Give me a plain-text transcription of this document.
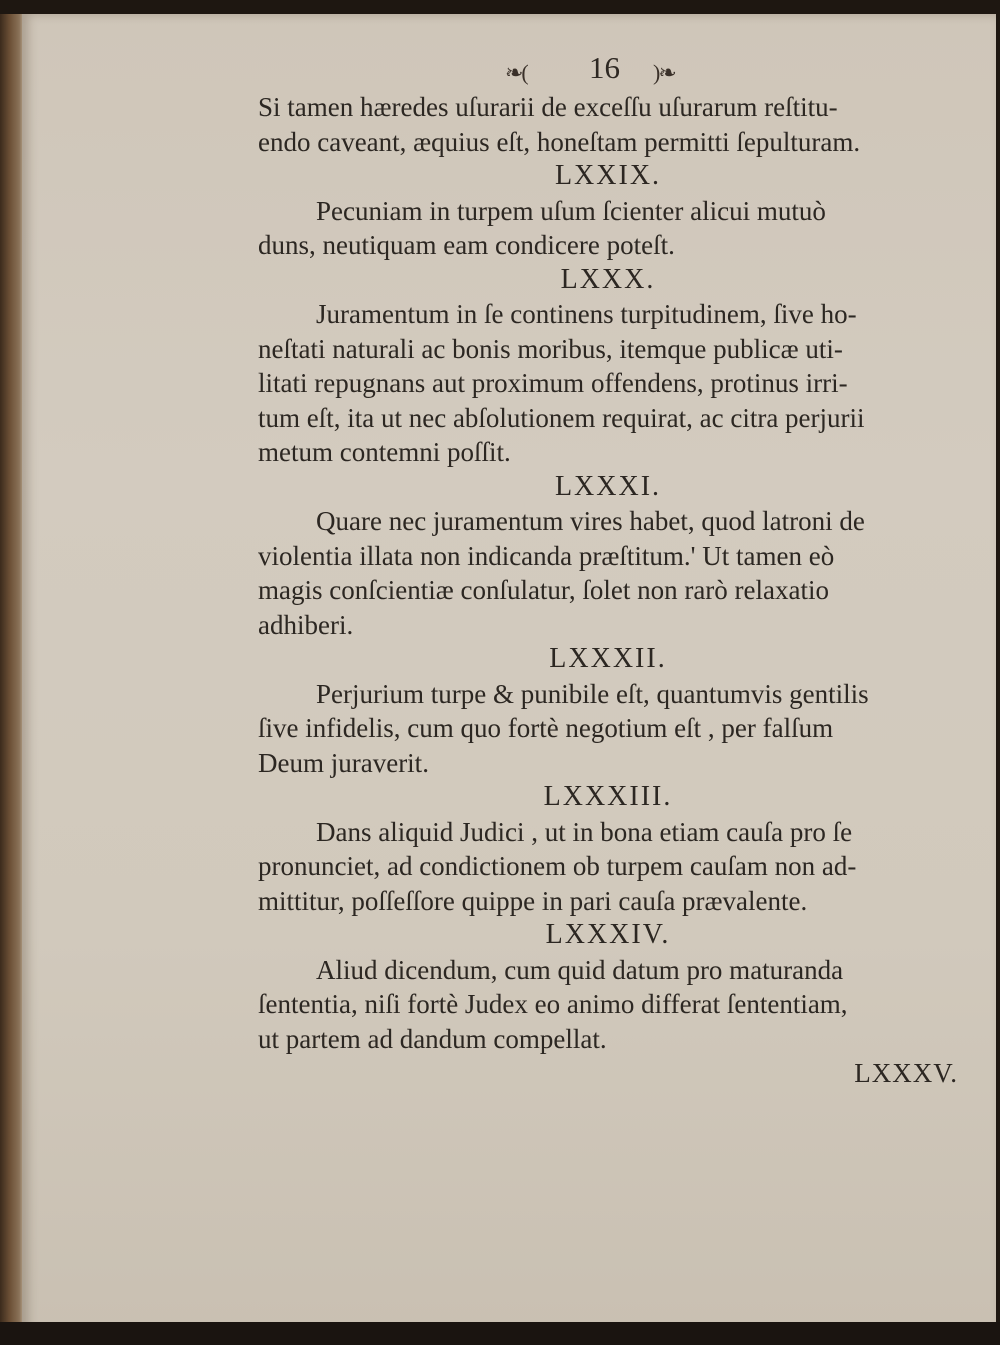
❧( 16 )❧

Si tamen hæredes uſurarii de exceſſu uſurarum reſtitu-
endo caveant, æquius eſt, honeſtam permitti ſepulturam.

LXXIX.

Pecuniam in turpem uſum ſcienter alicui mutuò
duns, neutiquam eam condicere poteſt.

LXXX.

Juramentum in ſe continens turpitudinem, ſive ho-
neſtati naturali ac bonis moribus, itemque publicæ uti-
litati repugnans aut proximum offendens, protinus irri-
tum eſt, ita ut nec abſolutionem requirat, ac citra perjurii
metum contemni poſſit.

LXXXI.

Quare nec juramentum vires habet, quod latroni de
violentia illata non indicanda præſtitum.' Ut tamen eò
magis conſcientiæ conſulatur, ſolet non rarò relaxatio
adhiberi.

LXXXII.

Perjurium turpe & punibile eſt, quantumvis gentilis
ſive infidelis, cum quo fortè negotium eſt , per falſum
Deum juraverit.

LXXXIII.

Dans aliquid Judici , ut in bona etiam cauſa pro ſe
pronunciet, ad condictionem ob turpem cauſam non ad-
mittitur, poſſeſſore quippe in pari cauſa prævalente.

LXXXIV.

Aliud dicendum, cum quid datum pro maturanda
ſententia, niſi fortè Judex eo animo differat ſententiam,
ut partem ad dandum compellat.

LXXXV.
